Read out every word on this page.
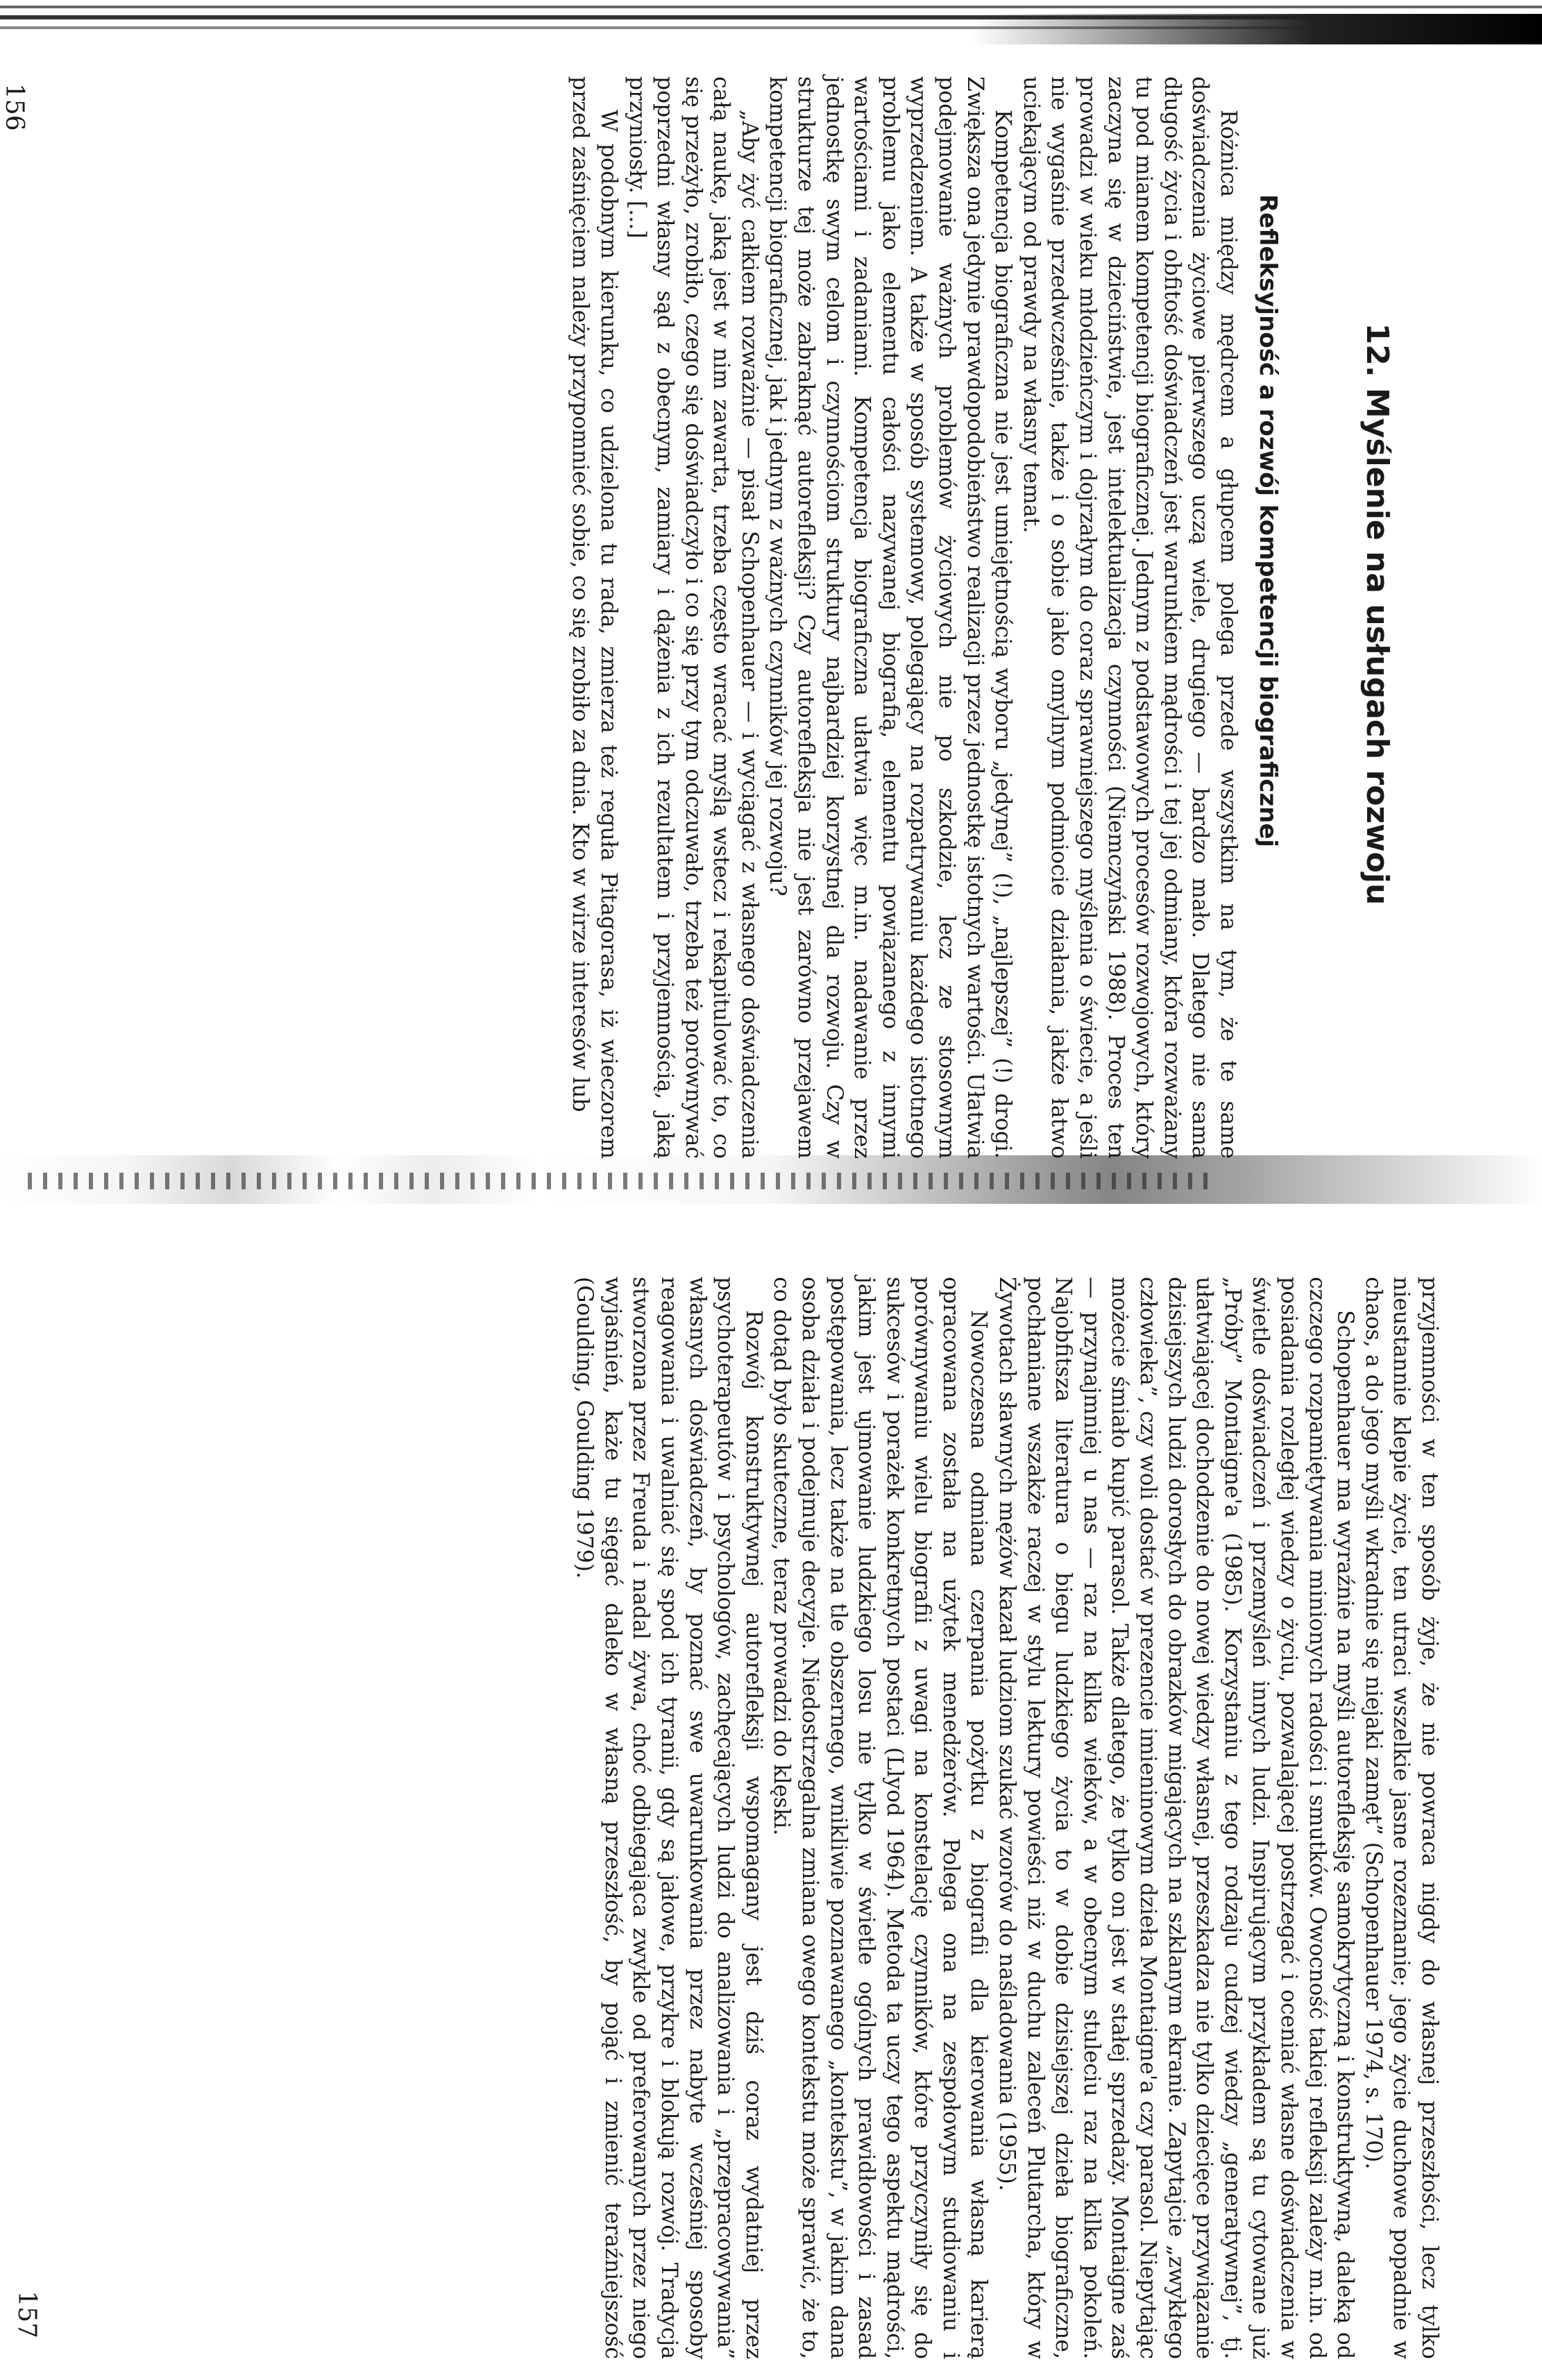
12. Myślenie na usługach rozwoju
Refleksyjność a rozwój kompetencji biograficznej

Różnica między mędrcem a głupcem polega przede wszystkim na tym, że te same doświadczenia życiowe pierwszego uczą wiele, drugiego — bardzo mało. Dlatego nie sama długość życia i obfitość doświadczeń jest warunkiem mądrości i tej jej odmiany, która rozważany tu pod mianem kompetencji biograficznej. Jednym z podstawowych procesów rozwojowych, który zaczyna się w dzieciństwie, jest intelektualizacja czynności (Niemczyński 1988). Proces ten prowadzi w wieku młodzieńczym i dojrzałym do coraz sprawniejszego myślenia o świecie, a jeśli nie wygaśnie przedwcześnie, także i o sobie jako omylnym podmiocie działania, jakże łatwo uciekającym od prawdy na własny temat.

Kompetencja biograficzna nie jest umiejętnością wyboru „jedynej” (!), „najlepszej” (!) drogi. Zwiększa ona jedynie prawdopodobieństwo realizacji przez jednostkę istotnych wartości. Ułatwia podejmowanie ważnych problemów życiowych nie po szkodzie, lecz ze stosownym wyprzedzeniem. A także w sposób systemowy, polegający na rozpatrywaniu każdego istotnego problemu jako elementu całości nazywanej biografią, elementu powiązanego z innymi wartościami i zadaniami. Kompetencja biograficzna ułatwia więc m.in. nadawanie przez jednostkę swym celom i czynnościom struktury najbardziej korzystnej dla rozwoju. Czy w strukturze tej może zabraknąć autorefleksji? Czy autorefleksja nie jest zarówno przejawem kompetencji biograficznej, jak i jednym z ważnych czynników jej rozwoju?

„Aby żyć całkiem rozważnie — pisał Schopenhauer — i wyciągać z własnego doświadczenia całą naukę, jaką jest w nim zawarta, trzeba często wracać myślą wstecz i rekapitulować to, co się przeżyło, zrobiło, czego się doświadczyło i co się przy tym odczuwało, trzeba też porównywać poprzedni własny sąd z obecnym, zamiary i dążenia z ich rezultatem i przyjemnością, jaką przyniosły. [...]

W podobnym kierunku, co udzielona tu rada, zmierza też reguła Pitagorasa, iż wieczorem przed zaśnięciem należy przypomnieć sobie, co się zrobiło za dnia. Kto w wirze interesów lub

156

przyjemności w ten sposób żyje, że nie powraca nigdy do własnej przeszłości, lecz tylko nieustannie klepie życie, ten utraci wszelkie jasne rozeznanie; jego życie duchowe popadnie w chaos, a do jego myśli wkradnie się niejaki zamęt” (Schopenhauer 1974, s. 170).

Schopenhauer ma wyraźnie na myśli autorefleksję samokrytyczną i konstruktywną, daleką od czczego rozpamiętywania minionych radości i smutków. Owocność takiej refleksji zależy m.in. od posiadania rozległej wiedzy o życiu, pozwalającej postrzegać i oceniać własne doświadczenia w świetle doświadczeń i przemyśleń innych ludzi. Inspirującym przykładem są tu cytowane już „Próby” Montaigne'a (1985). Korzystaniu z tego rodzaju cudzej wiedzy „generatywnej”, tj. ułatwiającej dochodzenie do nowej wiedzy własnej, przeszkadza nie tylko dziecięce przywiązanie dzisiejszych ludzi dorosłych do obrazków migających na szklanym ekranie. Zapytajcie „zwykłego człowieka”, czy woli dostać w prezencie imieninowym dzieła Montaigne'a czy parasol. Niepytając możecie śmiało kupić parasol. Także dlatego, że tylko on jest w stałej sprzedaży. Montaigne zaś — przynajmniej u nas — raz na kilka wieków, a w obecnym stuleciu raz na kilka pokoleń. Najobfitsza literatura o biegu ludzkiego życia to w dobie dzisiejszej dzieła biograficzne, pochłaniane wszakże raczej w stylu lektury powieści niż w duchu zaleceń Plutarcha, który w Żywotach sławnych mężów kazał ludziom szukać wzorów do naśladowania (1955).

Nowoczesna odmiana czerpania pożytku z biografii dla kierowania własną karierą opracowana została na użytek menedżerów. Polega ona na zespołowym studiowaniu i porównywaniu wielu biografii z uwagi na konstelację czynników, które przyczyniły się do sukcesów i porażek konkretnych postaci (Llyod 1964). Metoda ta uczy tego aspektu mądrości, jakim jest ujmowanie ludzkiego losu nie tylko w świetle ogólnych prawidłowości i zasad postępowania, lecz także na tle obszernego, wnikliwie poznawanego „kontekstu”, w jakim dana osoba działa i podejmuje decyzje. Niedostrzegalna zmiana owego kontekstu może sprawić, że to, co dotąd było skuteczne, teraz prowadzi do klęski.

Rozwój konstruktywnej autorefleksji wspomagany jest dziś coraz wydatniej przez psychoterapeutów i psychologów, zachęcających ludzi do analizowania i „przepracowywania” własnych doświadczeń, by poznać swe uwarunkowania przez nabyte wcześniej sposoby reagowania i uwalniać się spod ich tyranii, gdy są jałowe, przykre i blokują rozwój. Tradycja stworzona przez Freuda i nadal żywa, choć odbiegająca zwykle od preferowanych przez niego wyjaśnień, każe tu sięgać daleko w własną przeszłość, by pojąć i zmienić teraźniejszość (Goulding, Goulding 1979).

157
